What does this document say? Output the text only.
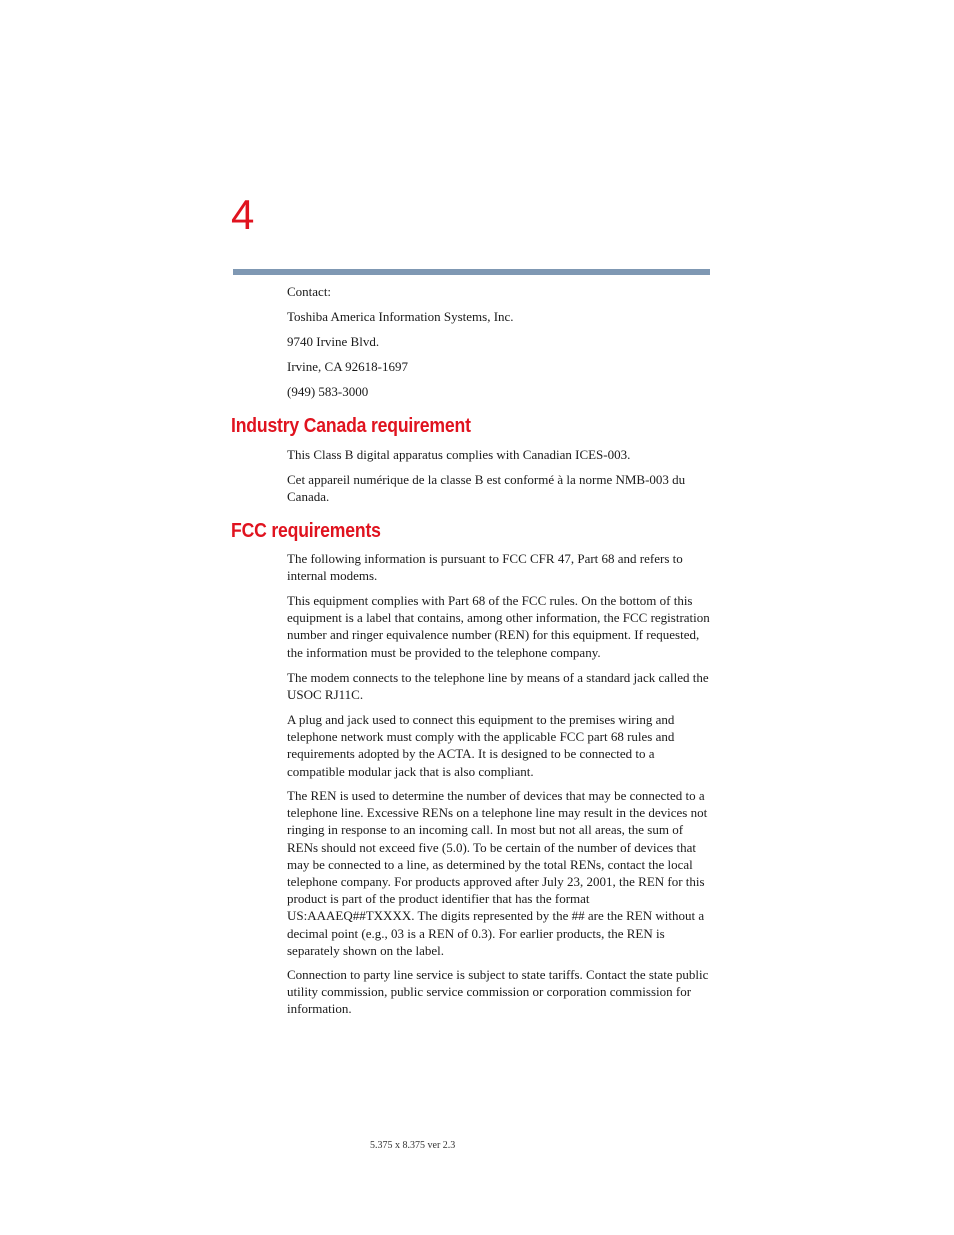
4

Contact:

Toshiba America Information Systems, Inc.

9740 Irvine Blvd.

Irvine, CA 92618-1697

(949) 583-3000

Industry Canada requirement

This Class B digital apparatus complies with Canadian ICES-003.

Cet appareil numérique de la classe B est conformé à la norme NMB-003 du Canada.

FCC requirements

The following information is pursuant to FCC CFR 47, Part 68 and refers to internal modems.

This equipment complies with Part 68 of the FCC rules. On the bottom of this equipment is a label that contains, among other information, the FCC registration number and ringer equivalence number (REN) for this equipment. If requested, the information must be provided to the telephone company.

The modem connects to the telephone line by means of a standard jack called the USOC RJ11C.

A plug and jack used to connect this equipment to the premises wiring and telephone network must comply with the applicable FCC part 68 rules and requirements adopted by the ACTA. It is designed to be connected to a compatible modular jack that is also compliant.

The REN is used to determine the number of devices that may be connected to a telephone line. Excessive RENs on a telephone line may result in the devices not ringing in response to an incoming call. In most but not all areas, the sum of RENs should not exceed five (5.0). To be certain of the number of devices that may be connected to a line, as determined by the total RENs, contact the local telephone company. For products approved after July 23, 2001, the REN for this product is part of the product identifier that has the format US:AAAEQ##TXXXX. The digits represented by the ## are the REN without a decimal point (e.g., 03 is a REN of 0.3). For earlier products, the REN is separately shown on the label.

Connection to party line service is subject to state tariffs. Contact the state public utility commission, public service commission or corporation commission for information.

5.375 x 8.375 ver 2.3
